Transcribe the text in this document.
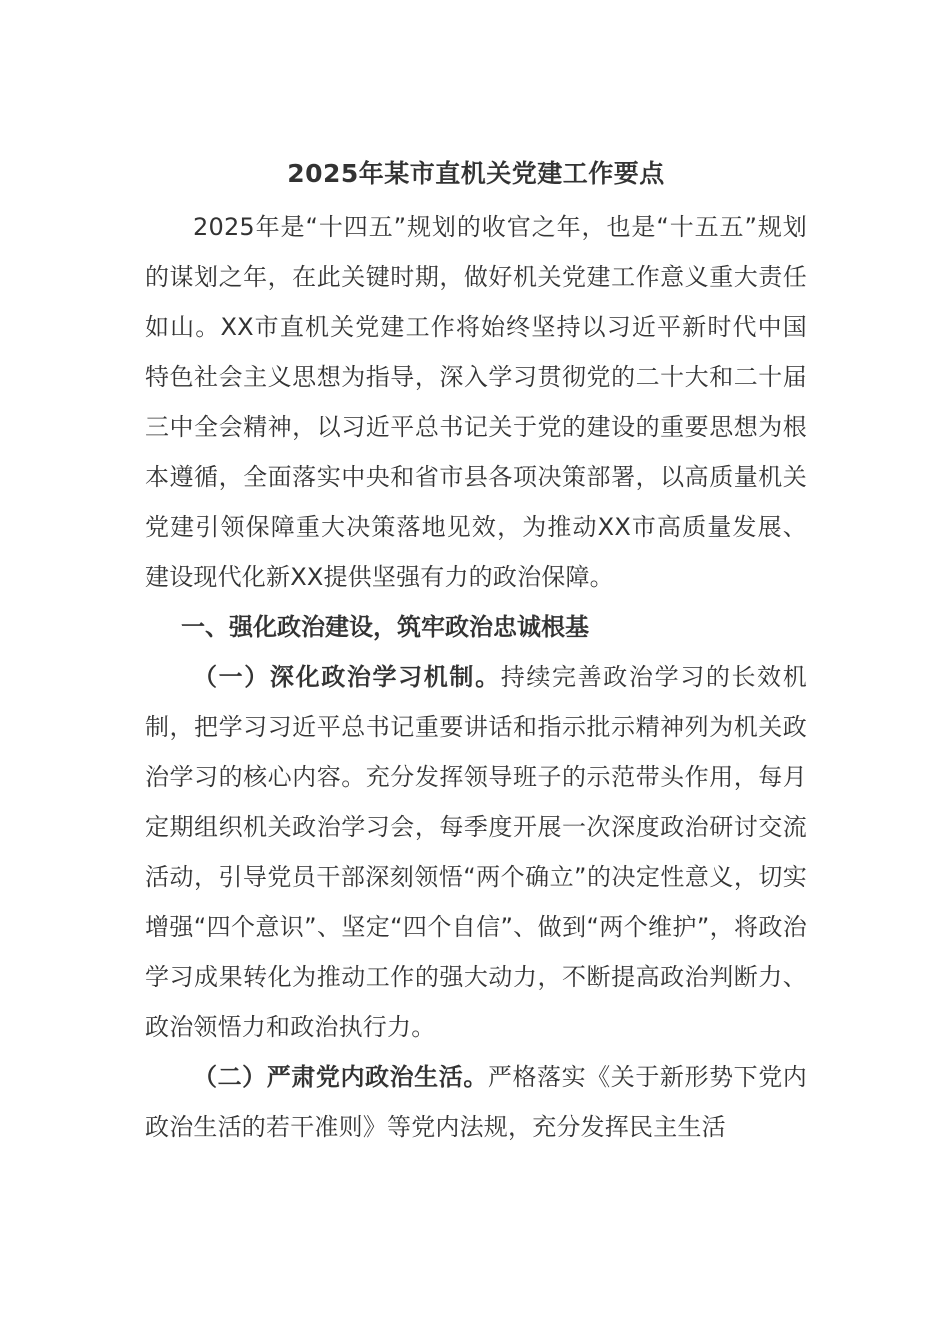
2025年某市直机关党建工作要点

2025年是“十四五”规划的收官之年，也是“十五五”规划的谋划之年，在此关键时期，做好机关党建工作意义重大责任如山。XX市直机关党建工作将始终坚持以习近平新时代中国特色社会主义思想为指导，深入学习贯彻党的二十大和二十届三中全会精神，以习近平总书记关于党的建设的重要思想为根本遵循，全面落实中央和省市县各项决策部署，以高质量机关党建引领保障重大决策落地见效，为推动XX市高质量发展、建设现代化新XX提供坚强有力的政治保障。

一、强化政治建设，筑牢政治忠诚根基

（一）深化政治学习机制。持续完善政治学习的长效机制，把学习习近平总书记重要讲话和指示批示精神列为机关政治学习的核心内容。充分发挥领导班子的示范带头作用，每月定期组织机关政治学习会，每季度开展一次深度政治研讨交流活动，引导党员干部深刻领悟“两个确立”的决定性意义，切实增强“四个意识”、坚定“四个自信”、做到“两个维护”，将政治学习成果转化为推动工作的强大动力，不断提高政治判断力、政治领悟力和政治执行力。

（二）严肃党内政治生活。严格落实《关于新形势下党内政治生活的若干准则》等党内法规，充分发挥民主生活
